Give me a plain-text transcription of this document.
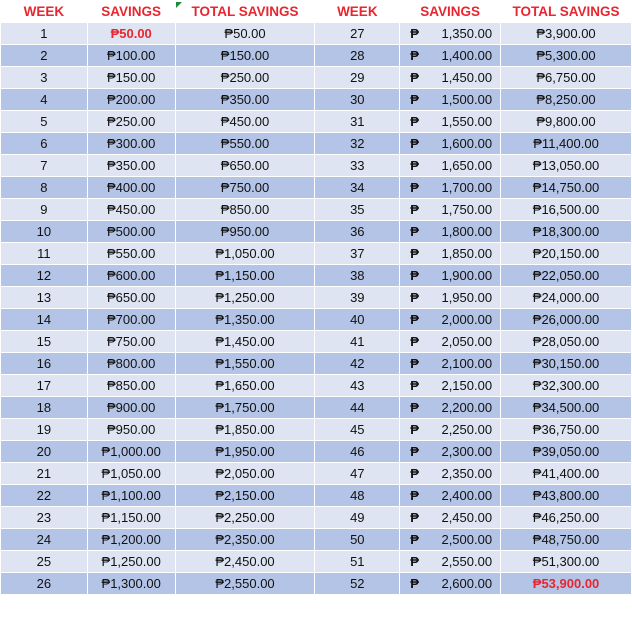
WEEK	SAVINGS	TOTAL SAVINGS	WEEK	SAVINGS	TOTAL SAVINGS
1	₱50.00	₱50.00	27	₱ 1,350.00	₱3,900.00
2	₱100.00	₱150.00	28	₱ 1,400.00	₱5,300.00
3	₱150.00	₱250.00	29	₱ 1,450.00	₱6,750.00
4	₱200.00	₱350.00	30	₱ 1,500.00	₱8,250.00
5	₱250.00	₱450.00	31	₱ 1,550.00	₱9,800.00
6	₱300.00	₱550.00	32	₱ 1,600.00	₱11,400.00
7	₱350.00	₱650.00	33	₱ 1,650.00	₱13,050.00
8	₱400.00	₱750.00	34	₱ 1,700.00	₱14,750.00
9	₱450.00	₱850.00	35	₱ 1,750.00	₱16,500.00
10	₱500.00	₱950.00	36	₱ 1,800.00	₱18,300.00
11	₱550.00	₱1,050.00	37	₱ 1,850.00	₱20,150.00
12	₱600.00	₱1,150.00	38	₱ 1,900.00	₱22,050.00
13	₱650.00	₱1,250.00	39	₱ 1,950.00	₱24,000.00
14	₱700.00	₱1,350.00	40	₱ 2,000.00	₱26,000.00
15	₱750.00	₱1,450.00	41	₱ 2,050.00	₱28,050.00
16	₱800.00	₱1,550.00	42	₱ 2,100.00	₱30,150.00
17	₱850.00	₱1,650.00	43	₱ 2,150.00	₱32,300.00
18	₱900.00	₱1,750.00	44	₱ 2,200.00	₱34,500.00
19	₱950.00	₱1,850.00	45	₱ 2,250.00	₱36,750.00
20	₱1,000.00	₱1,950.00	46	₱ 2,300.00	₱39,050.00
21	₱1,050.00	₱2,050.00	47	₱ 2,350.00	₱41,400.00
22	₱1,100.00	₱2,150.00	48	₱ 2,400.00	₱43,800.00
23	₱1,150.00	₱2,250.00	49	₱ 2,450.00	₱46,250.00
24	₱1,200.00	₱2,350.00	50	₱ 2,500.00	₱48,750.00
25	₱1,250.00	₱2,450.00	51	₱ 2,550.00	₱51,300.00
26	₱1,300.00	₱2,550.00	52	₱ 2,600.00	₱53,900.00
